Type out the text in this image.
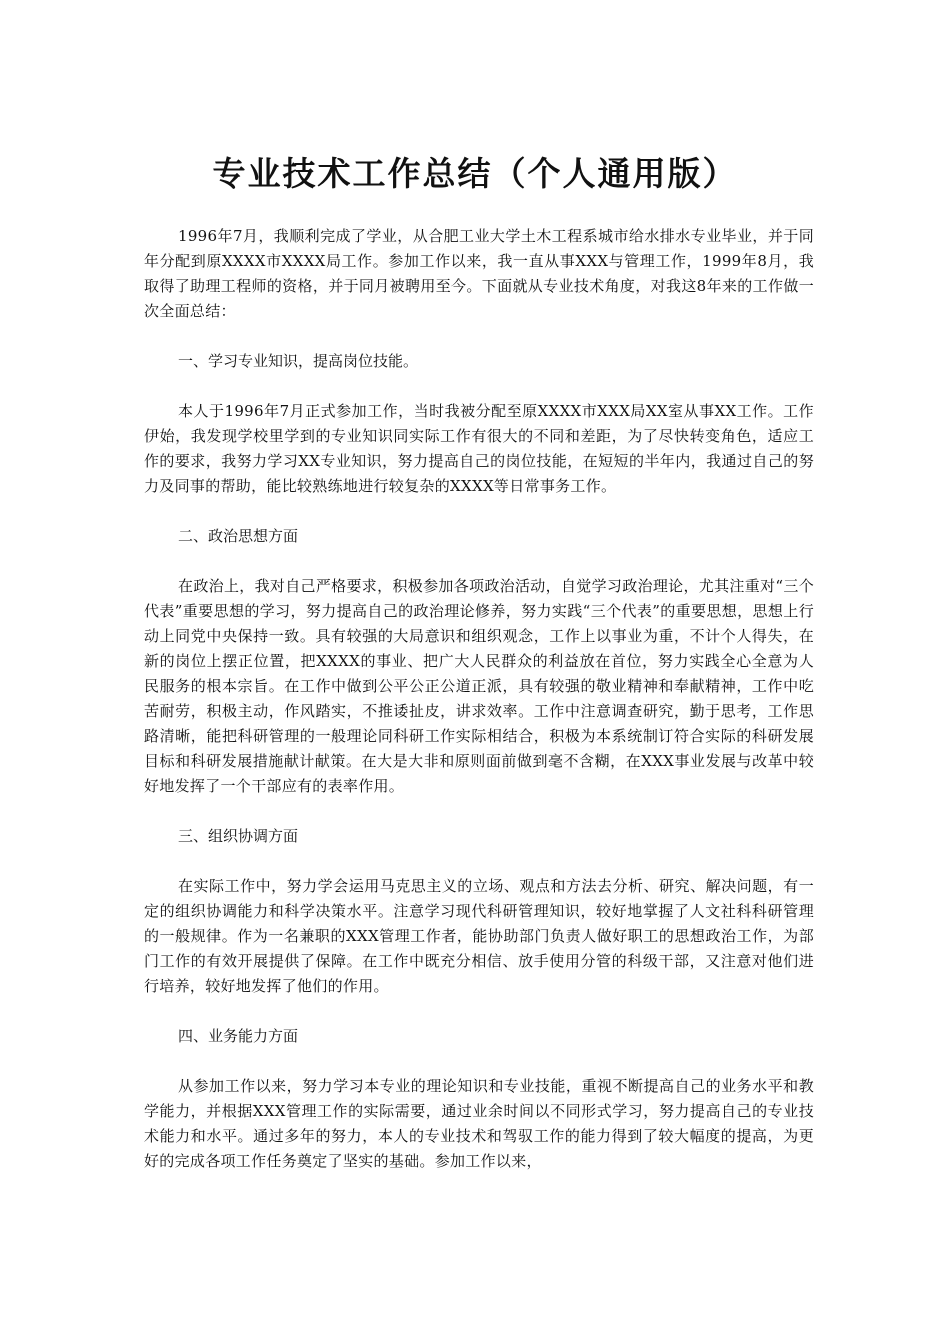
专业技术工作总结（个人通用版）

1996年7月，我顺利完成了学业，从合肥工业大学土木工程系城市给水排水专业毕业，并于同年分配到原XXXX市XXXX局工作。参加工作以来，我一直从事XXX与管理工作，1999年8月，我取得了助理工程师的资格，并于同月被聘用至今。下面就从专业技术角度，对我这8年来的工作做一次全面总结：

一、学习专业知识，提高岗位技能。

本人于1996年7月正式参加工作，当时我被分配至原XXXX市XXX局XX室从事XX工作。工作伊始，我发现学校里学到的专业知识同实际工作有很大的不同和差距，为了尽快转变角色，适应工作的要求，我努力学习XX专业知识，努力提高自己的岗位技能，在短短的半年内，我通过自己的努力及同事的帮助，能比较熟练地进行较复杂的XXXX等日常事务工作。

二、政治思想方面

在政治上，我对自己严格要求，积极参加各项政治活动，自觉学习政治理论，尤其注重对“三个代表”重要思想的学习，努力提高自己的政治理论修养，努力实践“三个代表”的重要思想，思想上行动上同党中央保持一致。具有较强的大局意识和组织观念，工作上以事业为重，不计个人得失，在新的岗位上摆正位置，把XXXX的事业、把广大人民群众的利益放在首位，努力实践全心全意为人民服务的根本宗旨。在工作中做到公平公正公道正派，具有较强的敬业精神和奉献精神，工作中吃苦耐劳，积极主动，作风踏实，不推诿扯皮，讲求效率。工作中注意调查研究，勤于思考，工作思路清晰，能把科研管理的一般理论同科研工作实际相结合，积极为本系统制订符合实际的科研发展目标和科研发展措施献计献策。在大是大非和原则面前做到毫不含糊，在XXX事业发展与改革中较好地发挥了一个干部应有的表率作用。

三、组织协调方面

在实际工作中，努力学会运用马克思主义的立场、观点和方法去分析、研究、解决问题，有一定的组织协调能力和科学决策水平。注意学习现代科研管理知识，较好地掌握了人文社科科研管理的一般规律。作为一名兼职的XXX管理工作者，能协助部门负责人做好职工的思想政治工作，为部门工作的有效开展提供了保障。在工作中既充分相信、放手使用分管的科级干部，又注意对他们进行培养，较好地发挥了他们的作用。

四、业务能力方面

从参加工作以来，努力学习本专业的理论知识和专业技能，重视不断提高自己的业务水平和教学能力，并根据XXX管理工作的实际需要，通过业余时间以不同形式学习，努力提高自己的专业技术能力和水平。通过多年的努力，本人的专业技术和驾驭工作的能力得到了较大幅度的提高，为更好的完成各项工作任务奠定了坚实的基础。参加工作以来，
